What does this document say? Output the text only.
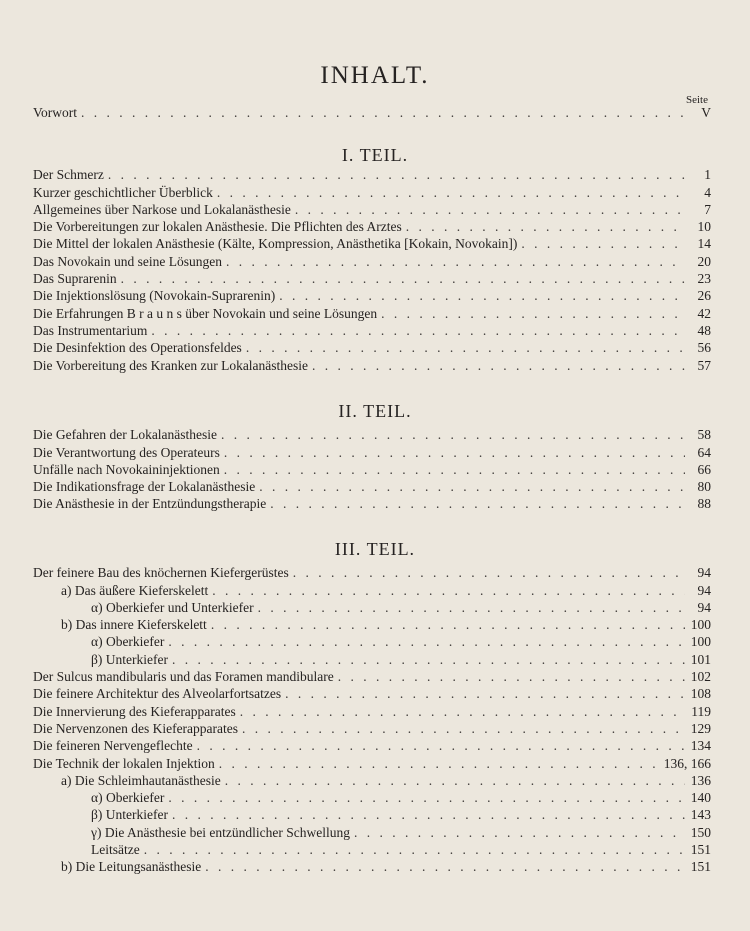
INHALT.
Seite
Vorwort . . .	V
I. TEIL.
Der Schmerz . . .	1
Kurzer geschichtlicher Überblick . . .	4
Allgemeines über Narkose und Lokalanästhesie . . .	7
Die Vorbereitungen zur lokalen Anästhesie. Die Pflichten des Arztes . . .	10
Die Mittel der lokalen Anästhesie (Kälte, Kompression, Anästhetika [Kokain, Novokain]) . . .	14
Das Novokain und seine Lösungen . . .	20
Das Suprarenin . . .	23
Die Injektionslösung (Novokain-Suprarenin) . . .	26
Die Erfahrungen B r a u n s über Novokain und seine Lösungen . . .	42
Das Instrumentarium . . .	48
Die Desinfektion des Operationsfeldes . . .	56
Die Vorbereitung des Kranken zur Lokalanästhesie . . .	57
II. TEIL.
Die Gefahren der Lokalanästhesie . . .	58
Die Verantwortung des Operateurs . . .	64
Unfälle nach Novokaininjektionen . . .	66
Die Indikationsfrage der Lokalanästhesie . . .	80
Die Anästhesie in der Entzündungstherapie . . .	88
III. TEIL.
Der feinere Bau des knöchernen Kiefergerüstes . . .	94
a) Das äußere Kieferskelett . . .	94
α) Oberkiefer und Unterkiefer . . .	94
b) Das innere Kieferskelett . . .	100
α) Oberkiefer . . .	100
β) Unterkiefer . . .	101
Der Sulcus mandibularis und das Foramen mandibulare . . .	102
Die feinere Architektur des Alveolarfortsatzes . . .	108
Die Innervierung des Kieferapparates . . .	119
Die Nervenzonen des Kieferapparates . . .	129
Die feineren Nervengeflechte . . .	134
Die Technik der lokalen Injektion . . .	136, 166
a) Die Schleimhautanästhesie . . .	136
α) Oberkiefer . . .	140
β) Unterkiefer . . .	143
γ) Die Anästhesie bei entzündlicher Schwellung . . .	150
Leitsätze . . .	151
b) Die Leitungsanästhesie . . .	151
